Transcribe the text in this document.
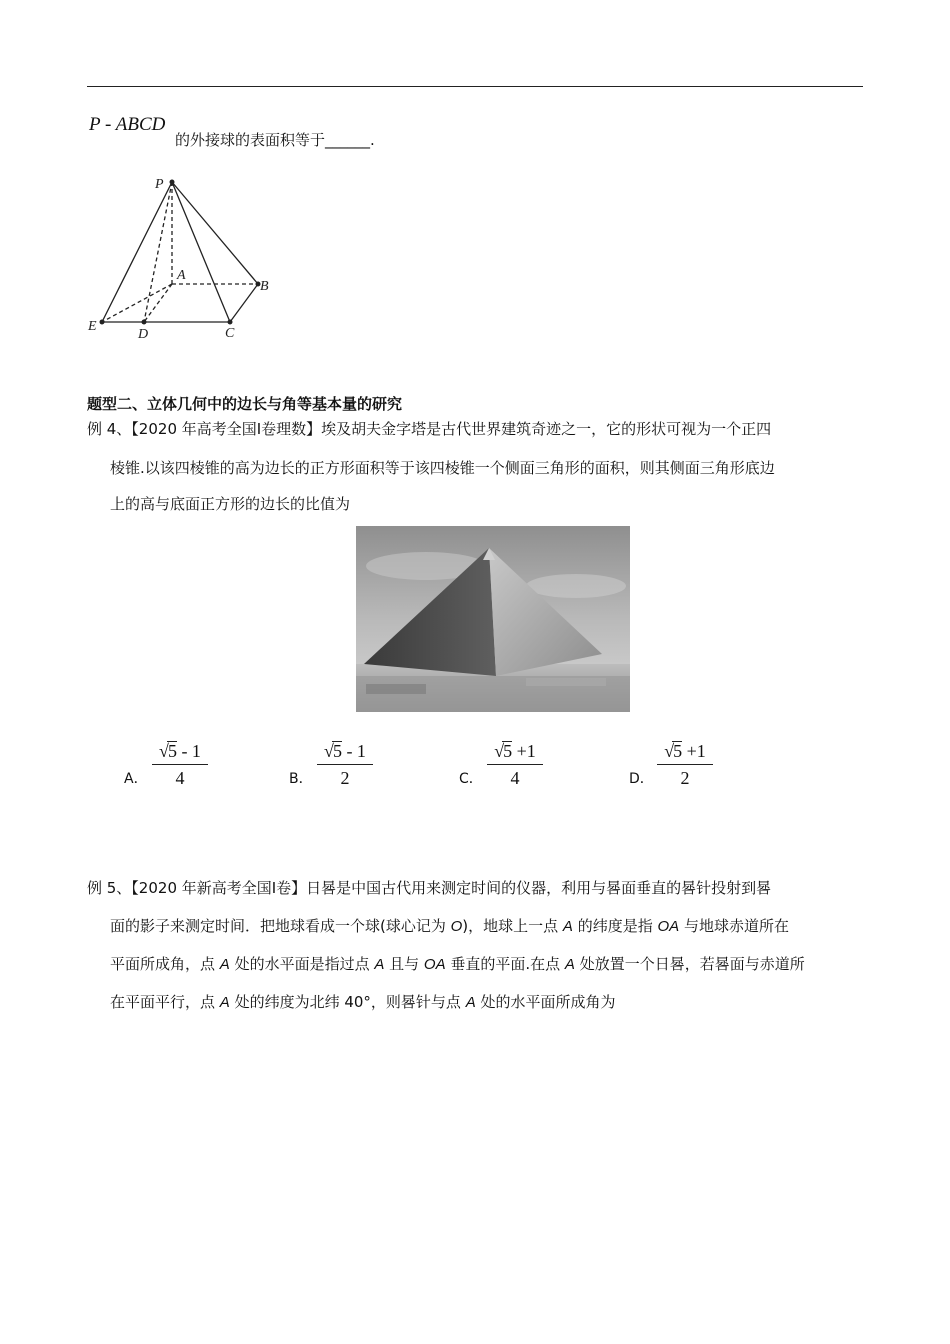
P - ABCD
的外接球的表面积等于______.
P
A
B
E
D	C
题型二、立体几何中的边长与角等基本量的研究
例 4、【2020 年高考全国Ⅰ卷理数】埃及胡夫金字塔是古代世界建筑奇迹之一，它的形状可视为一个正四
棱锥.以该四棱锥的高为边长的正方形面积等于该四棱锥一个侧面三角形的面积，则其侧面三角形底边
上的高与底面正方形的边长的比值为
A． $\frac{√5 - 1}{4}$	B． $\frac{√5 - 1}{2}$	C． $\frac{√5 +1}{4}$	D． $\frac{√5 +1}{2}$
例 5、【2020 年新高考全国Ⅰ卷】日晷是中国古代用来测定时间的仪器，利用与晷面垂直的晷针投射到晷
面的影子来测定时间．把地球看成一个球(球心记为 O)，地球上一点 A 的纬度是指 OA 与地球赤道所在
平面所成角，点 A 处的水平面是指过点 A 且与 OA 垂直的平面.在点 A 处放置一个日晷，若晷面与赤道所
在平面平行，点 A 处的纬度为北纬 40°，则晷针与点 A 处的水平面所成角为
